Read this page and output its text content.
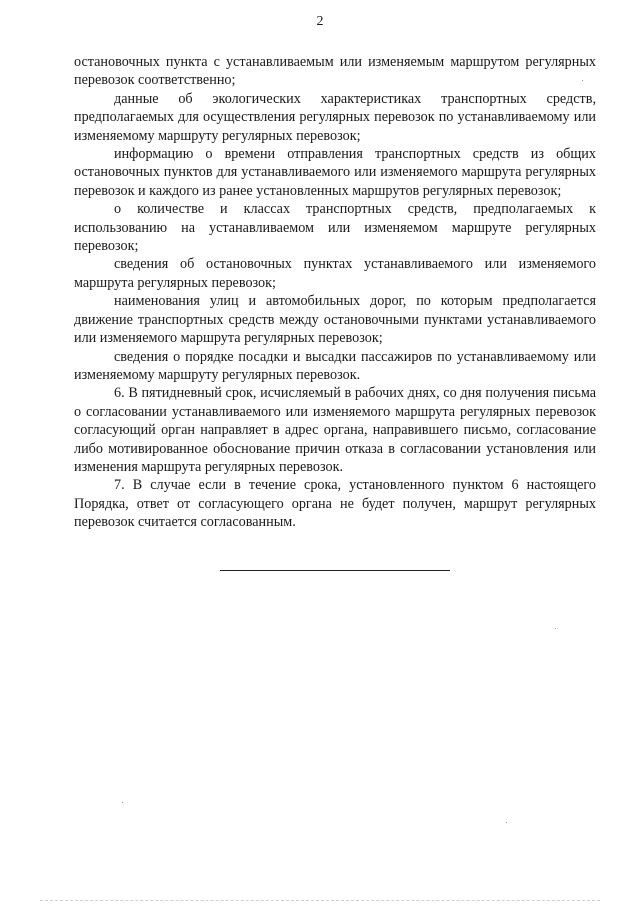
2

остановочных пункта с устанавливаемым или изменяемым маршрутом регулярных перевозок соответственно;

данные об экологических характеристиках транспортных средств, предполагаемых для осуществления регулярных перевозок по устанавливаемому или изменяемому маршруту регулярных перевозок;

информацию о времени отправления транспортных средств из общих остановочных пунктов для устанавливаемого или изменяемого маршрута регулярных перевозок и каждого из ранее установленных маршрутов регулярных перевозок;

о количестве и классах транспортных средств, предполагаемых к использованию на устанавливаемом или изменяемом маршруте регулярных перевозок;

сведения об остановочных пунктах устанавливаемого или изменяемого маршрута регулярных перевозок;

наименования улиц и автомобильных дорог, по которым предполагается движение транспортных средств между остановочными пунктами устанавливаемого или изменяемого маршрута регулярных перевозок;

сведения о порядке посадки и высадки пассажиров по устанавливаемому или изменяемому маршруту регулярных перевозок.

6. В пятидневный срок, исчисляемый в рабочих днях, со дня получения письма о согласовании устанавливаемого или изменяемого маршрута регулярных перевозок согласующий орган направляет в адрес органа, направившего письмо, согласование либо мотивированное обоснование причин отказа в согласовании установления или изменения маршрута регулярных перевозок.

7. В случае если в течение срока, установленного пунктом 6 настоящего Порядка, ответ от согласующего органа не будет получен, маршрут регулярных перевозок считается согласованным.
